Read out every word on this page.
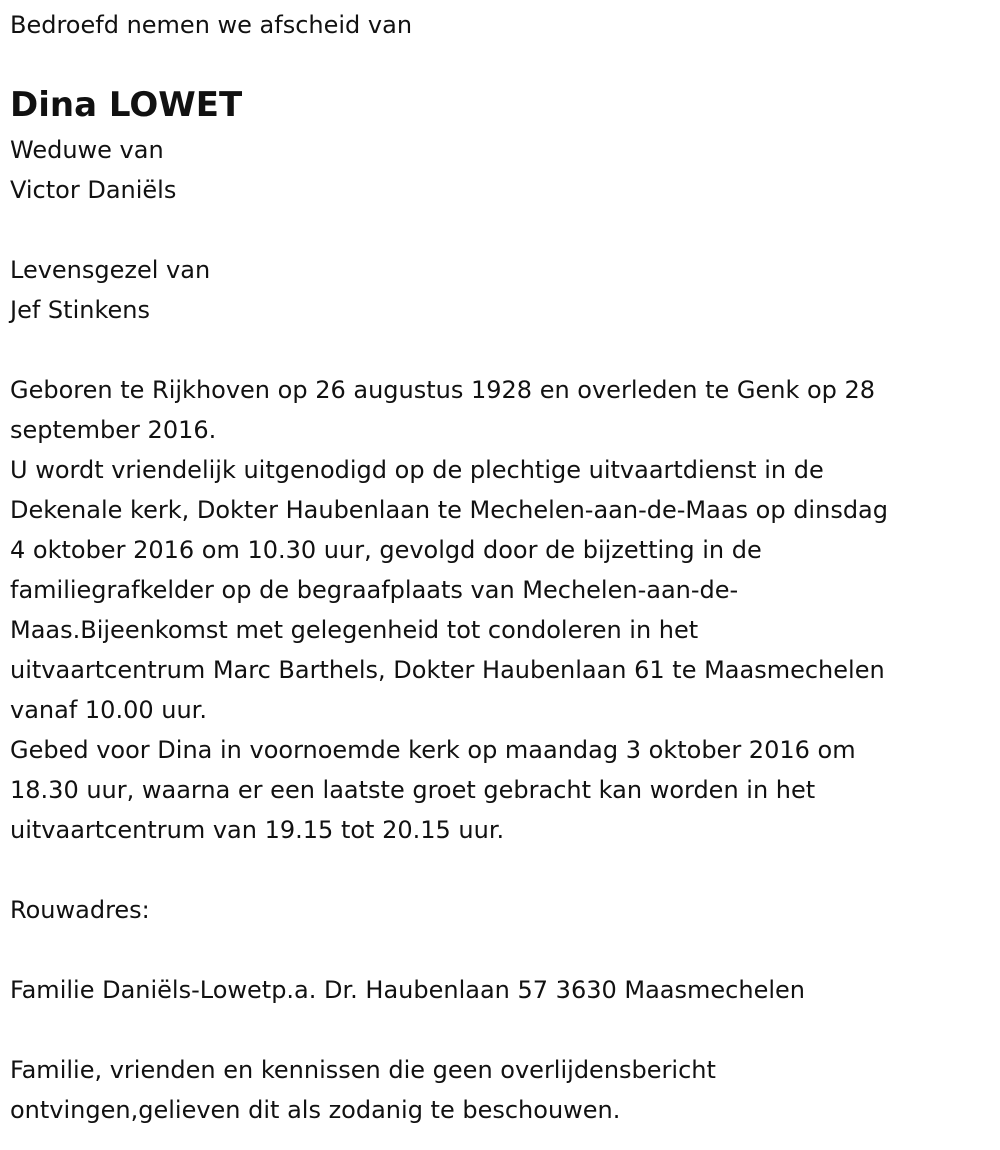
Bedroefd nemen we afscheid van
Dina LOWET
Weduwe van
Victor Daniëls
Levensgezel van
Jef Stinkens
Geboren te Rijkhoven op 26 augustus 1928 en overleden te Genk op 28
september 2016.
U wordt vriendelijk uitgenodigd op de plechtige uitvaartdienst in de
Dekenale kerk, Dokter Haubenlaan te Mechelen-aan-de-Maas op dinsdag
4 oktober 2016 om 10.30 uur, gevolgd door de bijzetting in de
familiegrafkelder op de begraafplaats van Mechelen-aan-de-
Maas.Bijeenkomst met gelegenheid tot condoleren in het
uitvaartcentrum Marc Barthels, Dokter Haubenlaan 61 te Maasmechelen
vanaf 10.00 uur.
Gebed voor Dina in voornoemde kerk op maandag 3 oktober 2016 om
18.30 uur, waarna er een laatste groet gebracht kan worden in het
uitvaartcentrum van 19.15 tot 20.15 uur.
Rouwadres:
Familie Daniëls-Lowetp.a. Dr. Haubenlaan 57 3630 Maasmechelen
Familie, vrienden en kennissen die geen overlijdensbericht
ontvingen,gelieven dit als zodanig te beschouwen.
